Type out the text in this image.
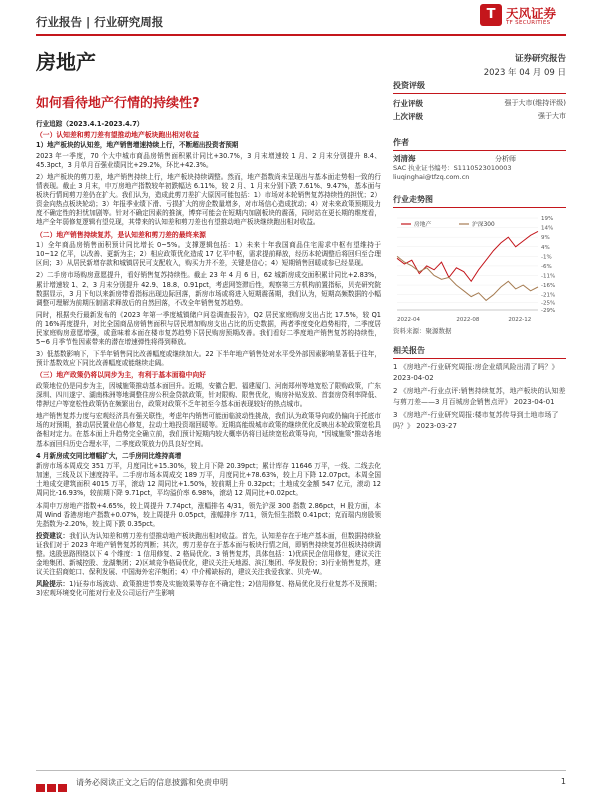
行业报告 | 行业研究周报	T 天风证券
TF SECURITIES
房地产	证券研究报告
2023 年 04 月 09 日
如何看待地产行情的持续性?
投资评级
行业评级	强于大市(维持评级)
上次评级	强于大市
作者
刘清海	分析师
SAC 执业证书编号：S1110523010003
liuqinghai@tfzq.com.cn
行业走势图
19%
14%
9%
4%
-1%
-6%
-11%
-16%
-21%
-25%
-29%
2022-04	2022-08	2022-12
房地产	沪深300
资料来源：聚源数据
相关报告
1 《房地产-行业研究周报:房企业绩风险出清了吗？》 2023-04-02
2 《房地产-行业点评:销售持续复苏，地产板块的认知差与剪刀差——3 月百城房企销售点评》 2023-04-01
3 《房地产-行业研究周报:楼市复苏传导到土地市场了吗？》 2023-03-27

行业追踪（2023.4.1-2023.4.7）

（一）认知差和剪刀差有望推动地产板块跑出相对收益

1）地产板块的认知差，地产销售增速持续上行，不断超出投资者预期

2023 年一季度，70 个大中城市商品房销售面积累计同比+30.7%，3 月末增速较 1 月、2 月末分别提升 8.4、45.3pct，3 月单月百强业绩同比+29.2%，环比+42.3%。

2）地产板块的剪刀差，地产销售持续上行，地产板块持续调整。然而，地产指数尚未呈现出与基本面走势相一致的行情表现。截止 3 月末，申万房地产指数较年初跌幅达 6.11%，较 2 月、1 月末分别下跌 7.61%、9.47%，基本面与板块行情间剪刀差仍在扩大。我们认为，造成此剪刀差扩大原因可能包括：1）市场对本轮销售复苏持续性的担忧；2）资金向热点板块轮动；3）年报季业绩下滑、亏损扩大的房企数量增多，对市场信心造成扰动；4）对未来政策预期及力度不确定性的担忧加剧等。针对不确定因素的推演，博弈可能会在短期内加剧板块的震荡，同时站在更长期的维度看，地产全年弱修复逻辑有望兑现，其带来的认知差和剪刀差也有望推动地产板块继续跑出相对收益。

（二）地产销售持续复苏，是认知差和剪刀差的最终来源

1）全年商品房销售面积预计同比增长 0~5%。支撑逻辑包括：1）未来十年我国商品住宅需求中枢有望维持于 10~12 亿平，以改善、更新为主；2）相应政策优化造成 17 亿平中枢，需求提前释放，经历本轮调整后将回归至合理区间；3）从居民新增存款和城镇居民可支配收入，购买力并不差，关键是信心；4）短期销售回暖或参已经显现。

2）二手房市场购房意愿提升，看好销售复苏持续性。截止 23 年 4 月 6 日，62 城新房成交面积累计同比+2.83%，累计增速较 1、2、3 月末分别提升 42.9、18.8、0.91pct，考虑网签滞后性，观察第三方机构前置指标，贝壳研究院数据显示，3 月下旬以来新房带看指标出现边际回落，新房市场或将进入短期震荡期，我们认为，短期高频数据的小幅调整可理解为前期压制需求释放后的自然回落，不改全年销售复苏趋势。

同时，根据央行最新发布的《2023 年第一季度城镇储户问卷调查报告》，Q2 居民家庭购房支出占比 17.5%，较 Q1 的 16%再度提升，对比全国商品房销售面积与居民增加购房支出占比的历史数据，两者季度变化趋势相符，二季度居民家庭购房意愿增强，或意味着本面在楼市复苏趋势下居民购房预期改善。我们看好二季度地产销售复苏的持续性，5~6 月季节性因素带来的潜在增速弹性将得到释放。

3）低基数影响下，下半年销售同比改善幅度或继续加大。22 下半年地产销售处对水平受外部因素影响显著低于往年，预计基数效应下同比改善幅度或能继续走阔。

（三）地产政策仍将以同步为主，有利于基本面稳中向好

政策地位仍是同步为主，因城施策推动基本面回升。近期，安徽合肥、福建厦门、河南郑州等地宽松了限购政策，广东深圳、四川遂宁、湖南株洲等地调整住房公积金贷款政策，针对限购、限售优化，购房补贴发放、首套房贷利率降低、带押过户等宽松性政策仍在频繁出台，政策对政策不乏年初至今基本面表现较好的热点城市。

地产销售复苏力度与宏观经济具有强关联性，考虑年内销售可能面临波动性挑战，我们认为政策导向或仍偏向于托底市场的对预期，推动居民置业信心修复，拉动土地投资端回暖等。近期高能级城市政策的继续优化反映出本轮政策宽松具备相对定力。在基本面上升趋势完全确立前，我们预计短期内较大概率仍将目延续宽松政策导向，"因城施策"推动各地基本面回归历史合理水平，二季度政策放力仍具良好空间。

4 月新房成交同比增幅扩大，二手房同比维持高增

新房市场本周成交 351 万平，月度同比+15.30%，较上月下降 20.39pct；累计库存 11646 万平，一线、二线去化加速，三线及以下速度持平。二手房市场本周成交 189 万平，月度同比+78.63%，较上月下降 12.07pct。本周全国土地成交建筑面积 4015 万平，滚动 12 周同比+1.50%，较前期上升 0.32pct；土地成交金额 547 亿元，滚动 12 周同比-16.93%，较前期下降 9.71pct，平均溢价率 6.98%，滚动 12 周同比+0.02pct。

本周申万房地产指数+4.65%，较上周提升 7.74pct，涨幅排名 4/31，领先沪深 300 指数 2.86pct，H 股方面，本周 Wind 香港房地产指数+0.07%，较上周提升 0.05pct，涨幅排序 7/11，领先恒生指数 0.41pct；克而瑞内房股领先指数为-2.20%，较上周下跌 0.35pct。

投资建议：我们认为认知差和剪刀差有望推动地产板块跑出相对收益。首先，认知差存在于地产基本面，但数据持续验证我们对于 2023 年地产销售复苏的判断；其次，剪刀差存在于基本面与板块行情之间，即销售持续复苏但板块持续调整。选股思路围绕以下 4 个维度：1 信用修复、2 格局优化、3 销售复苏，具体包括：1)优质民企信用修复，建议关注金地集团、新城控股、龙湖集团；2)区域竞争格局优化，建议关注天地源、滨江集团、华发股份；3)行业销售复苏，建议关注招商蛇口、保利发展、中国海外宏洋集团；4）中介稀缺标的，建议关注我爱我家、贝壳-W。

风险提示：1)证券市场波动、政策推进节奏及实施效果等存在不确定性；2)信用修复、格局优化及行业复苏不及预期；3)宏观环境变化可能对行业及公司运行产生影响

请务必阅读正文之后的信息披露和免责申明	1
